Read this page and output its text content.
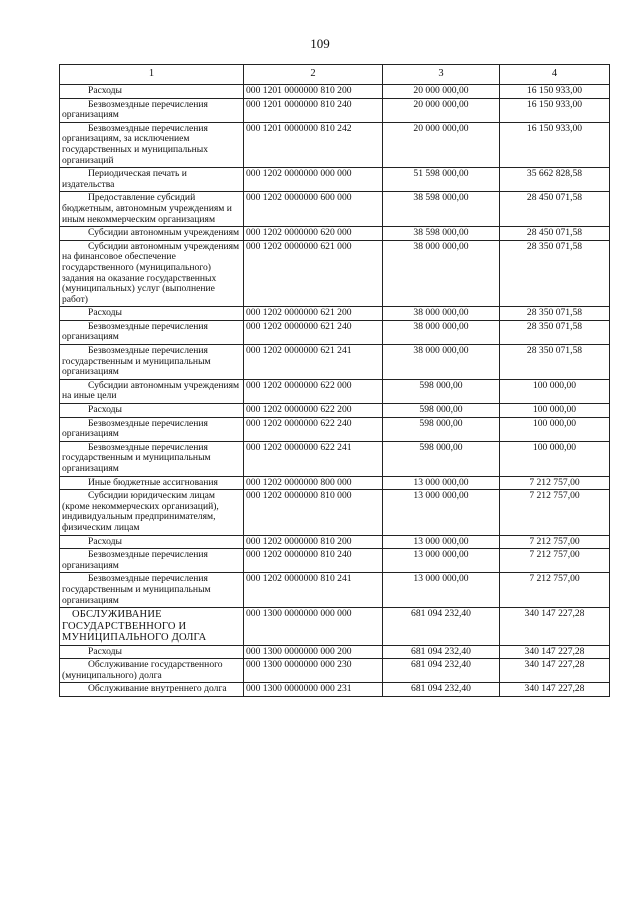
109
1	2	3	4
Расходы	000 1201 0000000 810 200	20 000 000,00	16 150 933,00
Безвозмездные перечисления организациям	000 1201 0000000 810 240	20 000 000,00	16 150 933,00
Безвозмездные перечисления организациям, за исключением государственных и муниципальных организаций	000 1201 0000000 810 242	20 000 000,00	16 150 933,00
Периодическая печать и издательства	000 1202 0000000 000 000	51 598 000,00	35 662 828,58
Предоставление субсидий бюджетным, автономным учреждениям и иным некоммерческим организациям	000 1202 0000000 600 000	38 598 000,00	28 450 071,58
Субсидии автономным учреждениям	000 1202 0000000 620 000	38 598 000,00	28 450 071,58
Субсидии автономным учреждениям на финансовое обеспечение государственного (муниципального) задания на оказание государственных (муниципальных) услуг (выполнение работ)	000 1202 0000000 621 000	38 000 000,00	28 350 071,58
Расходы	000 1202 0000000 621 200	38 000 000,00	28 350 071,58
Безвозмездные перечисления организациям	000 1202 0000000 621 240	38 000 000,00	28 350 071,58
Безвозмездные перечисления государственным и муниципальным организациям	000 1202 0000000 621 241	38 000 000,00	28 350 071,58
Субсидии автономным учреждениям на иные цели	000 1202 0000000 622 000	598 000,00	100 000,00
Расходы	000 1202 0000000 622 200	598 000,00	100 000,00
Безвозмездные перечисления организациям	000 1202 0000000 622 240	598 000,00	100 000,00
Безвозмездные перечисления государственным и муниципальным организациям	000 1202 0000000 622 241	598 000,00	100 000,00
Иные бюджетные ассигнования	000 1202 0000000 800 000	13 000 000,00	7 212 757,00
Субсидии юридическим лицам (кроме некоммерческих организаций), индивидуальным предпринимателям, физическим лицам	000 1202 0000000 810 000	13 000 000,00	7 212 757,00
Расходы	000 1202 0000000 810 200	13 000 000,00	7 212 757,00
Безвозмездные перечисления организациям	000 1202 0000000 810 240	13 000 000,00	7 212 757,00
Безвозмездные перечисления государственным и муниципальным организациям	000 1202 0000000 810 241	13 000 000,00	7 212 757,00
ОБСЛУЖИВАНИЕ ГОСУДАРСТВЕННОГО И МУНИЦИПАЛЬНОГО ДОЛГА	000 1300 0000000 000 000	681 094 232,40	340 147 227,28
Расходы	000 1300 0000000 000 200	681 094 232,40	340 147 227,28
Обслуживание государственного (муниципального) долга	000 1300 0000000 000 230	681 094 232,40	340 147 227,28
Обслуживание внутреннего долга	000 1300 0000000 000 231	681 094 232,40	340 147 227,28
